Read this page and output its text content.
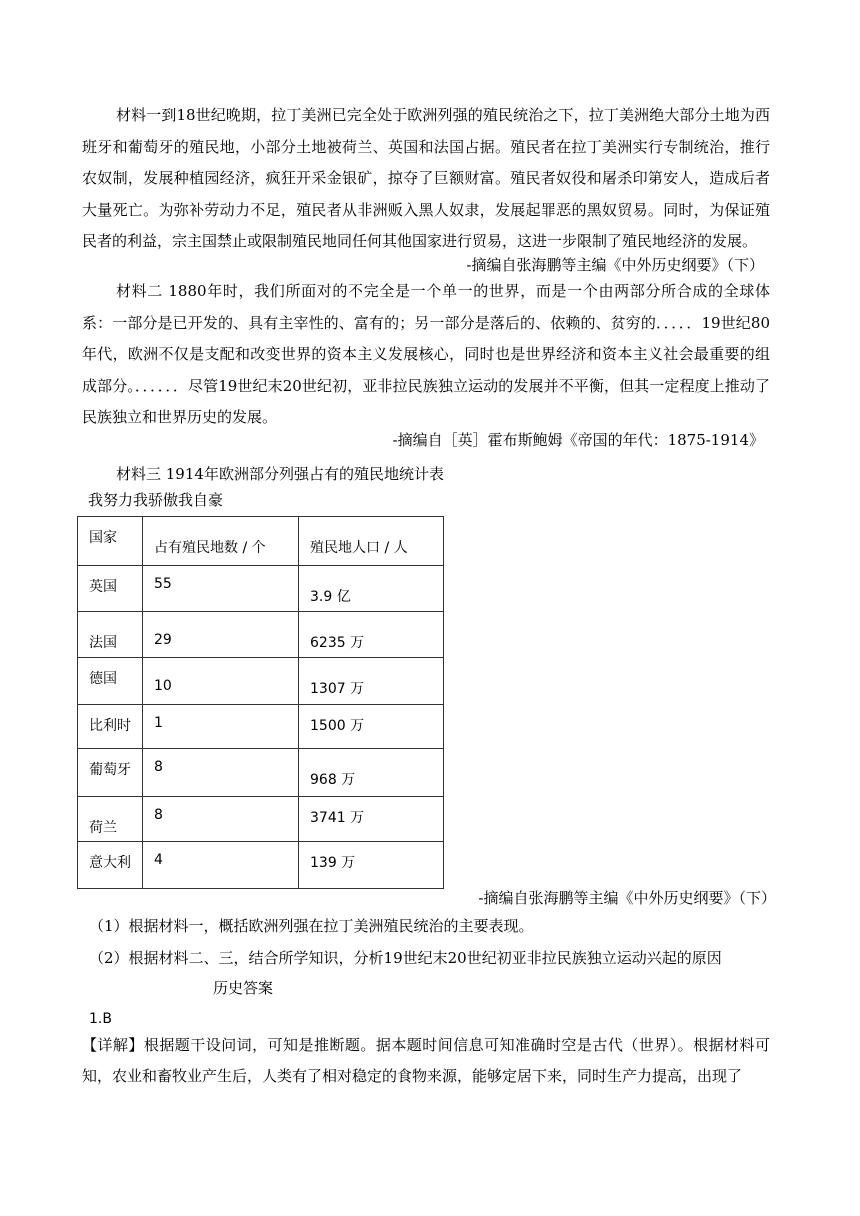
材料一到18世纪晚期，拉丁美洲已完全处于欧洲列强的殖民统治之下，拉丁美洲绝大部分土地为西班牙和葡萄牙的殖民地，小部分土地被荷兰、英国和法国占据。殖民者在拉丁美洲实行专制统治，推行农奴制，发展种植园经济，疯狂开采金银矿，掠夺了巨额财富。殖民者奴役和屠杀印第安人，造成后者大量死亡。为弥补劳动力不足，殖民者从非洲贩入黑人奴隶，发展起罪恶的黑奴贸易。同时，为保证殖民者的利益，宗主国禁止或限制殖民地同任何其他国家进行贸易，这进一步限制了殖民地经济的发展。

-摘编自张海鹏等主编《中外历史纲要》（下）

材料二 1880年时，我们所面对的不完全是一个单一的世界，而是一个由两部分所合成的全球体系：一部分是已开发的、具有主宰性的、富有的；另一部分是落后的、依赖的、贫穷的．．．．．19世纪80年代，欧洲不仅是支配和改变世界的资本主义发展核心，同时也是世界经济和资本主义社会最重要的组成部分。．．．．．．尽管19世纪末20世纪初，亚非拉民族独立运动的发展并不平衡，但其一定程度上推动了民族独立和世界历史的发展。

-摘编自［英］霍布斯鲍姆《帝国的年代：1875-1914》
材料三 1914年欧洲部分列强占有的殖民地统计表
我努力我骄傲我自豪
国家	占有殖民地数 / 个	殖民地人口 / 人

英国	55	3.9 亿

法国	29	6235 万

德国	10	1307 万

比利时	1	1500 万

葡萄牙	8	968 万

荷兰	8	3741 万

意大利	4	139 万
-摘编自张海鹏等主编《中外历史纲要》（下）
（1）根据材料一，概括欧洲列强在拉丁美洲殖民统治的主要表现。
（2）根据材料二、三，结合所学知识，分析19世纪末20世纪初亚非拉民族独立运动兴起的原因
历史答案
1.B

【详解】根据题干设问词，可知是推断题。据本题时间信息可知准确时空是古代（世界）。根据材料可知，农业和畜牧业产生后，人类有了相对稳定的食物来源，能够定居下来，同时生产力提高，出现了
